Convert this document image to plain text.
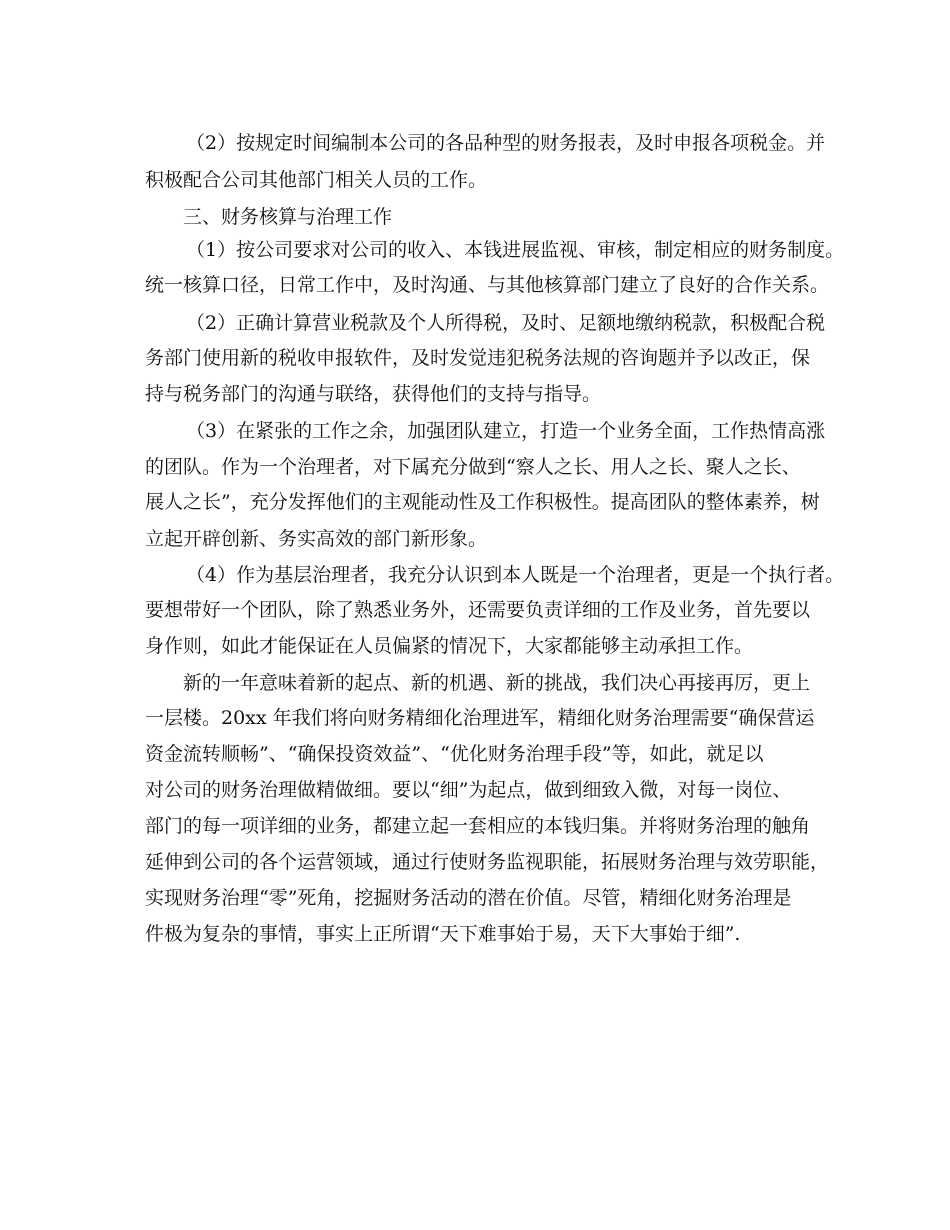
（2）按规定时间编制本公司的各品种型的财务报表，及时申报各项税金。并
积极配合公司其他部门相关人员的工作。
三、财务核算与治理工作
（1）按公司要求对公司的收入、本钱进展监视、审核，制定相应的财务制度。
统一核算口径，日常工作中，及时沟通、与其他核算部门建立了良好的合作关系。
（2）正确计算营业税款及个人所得税，及时、足额地缴纳税款，积极配合税
务部门使用新的税收申报软件，及时发觉违犯税务法规的咨询题并予以改正，保
持与税务部门的沟通与联络，获得他们的支持与指导。
（3）在紧张的工作之余，加强团队建立，打造一个业务全面，工作热情高涨
的团队。作为一个治理者，对下属充分做到“察人之长、用人之长、聚人之长、
展人之长”，充分发挥他们的主观能动性及工作积极性。提高团队的整体素养，树
立起开辟创新、务实高效的部门新形象。
（4）作为基层治理者，我充分认识到本人既是一个治理者，更是一个执行者。
要想带好一个团队，除了熟悉业务外，还需要负责详细的工作及业务，首先要以
身作则，如此才能保证在人员偏紧的情况下，大家都能够主动承担工作。
新的一年意味着新的起点、新的机遇、新的挑战，我们决心再接再厉，更上
一层楼。20xx 年我们将向财务精细化治理进军，精细化财务治理需要“确保营运
资金流转顺畅”、“确保投资效益”、“优化财务治理手段”等，如此，就足以
对公司的财务治理做精做细。要以“细”为起点，做到细致入微，对每一岗位、
部门的每一项详细的业务，都建立起一套相应的本钱归集。并将财务治理的触角
延伸到公司的各个运营领域，通过行使财务监视职能，拓展财务治理与效劳职能，
实现财务治理“零”死角，挖掘财务活动的潜在价值。尽管，精细化财务治理是
件极为复杂的事情，事实上正所谓“天下难事始于易，天下大事始于细”.
